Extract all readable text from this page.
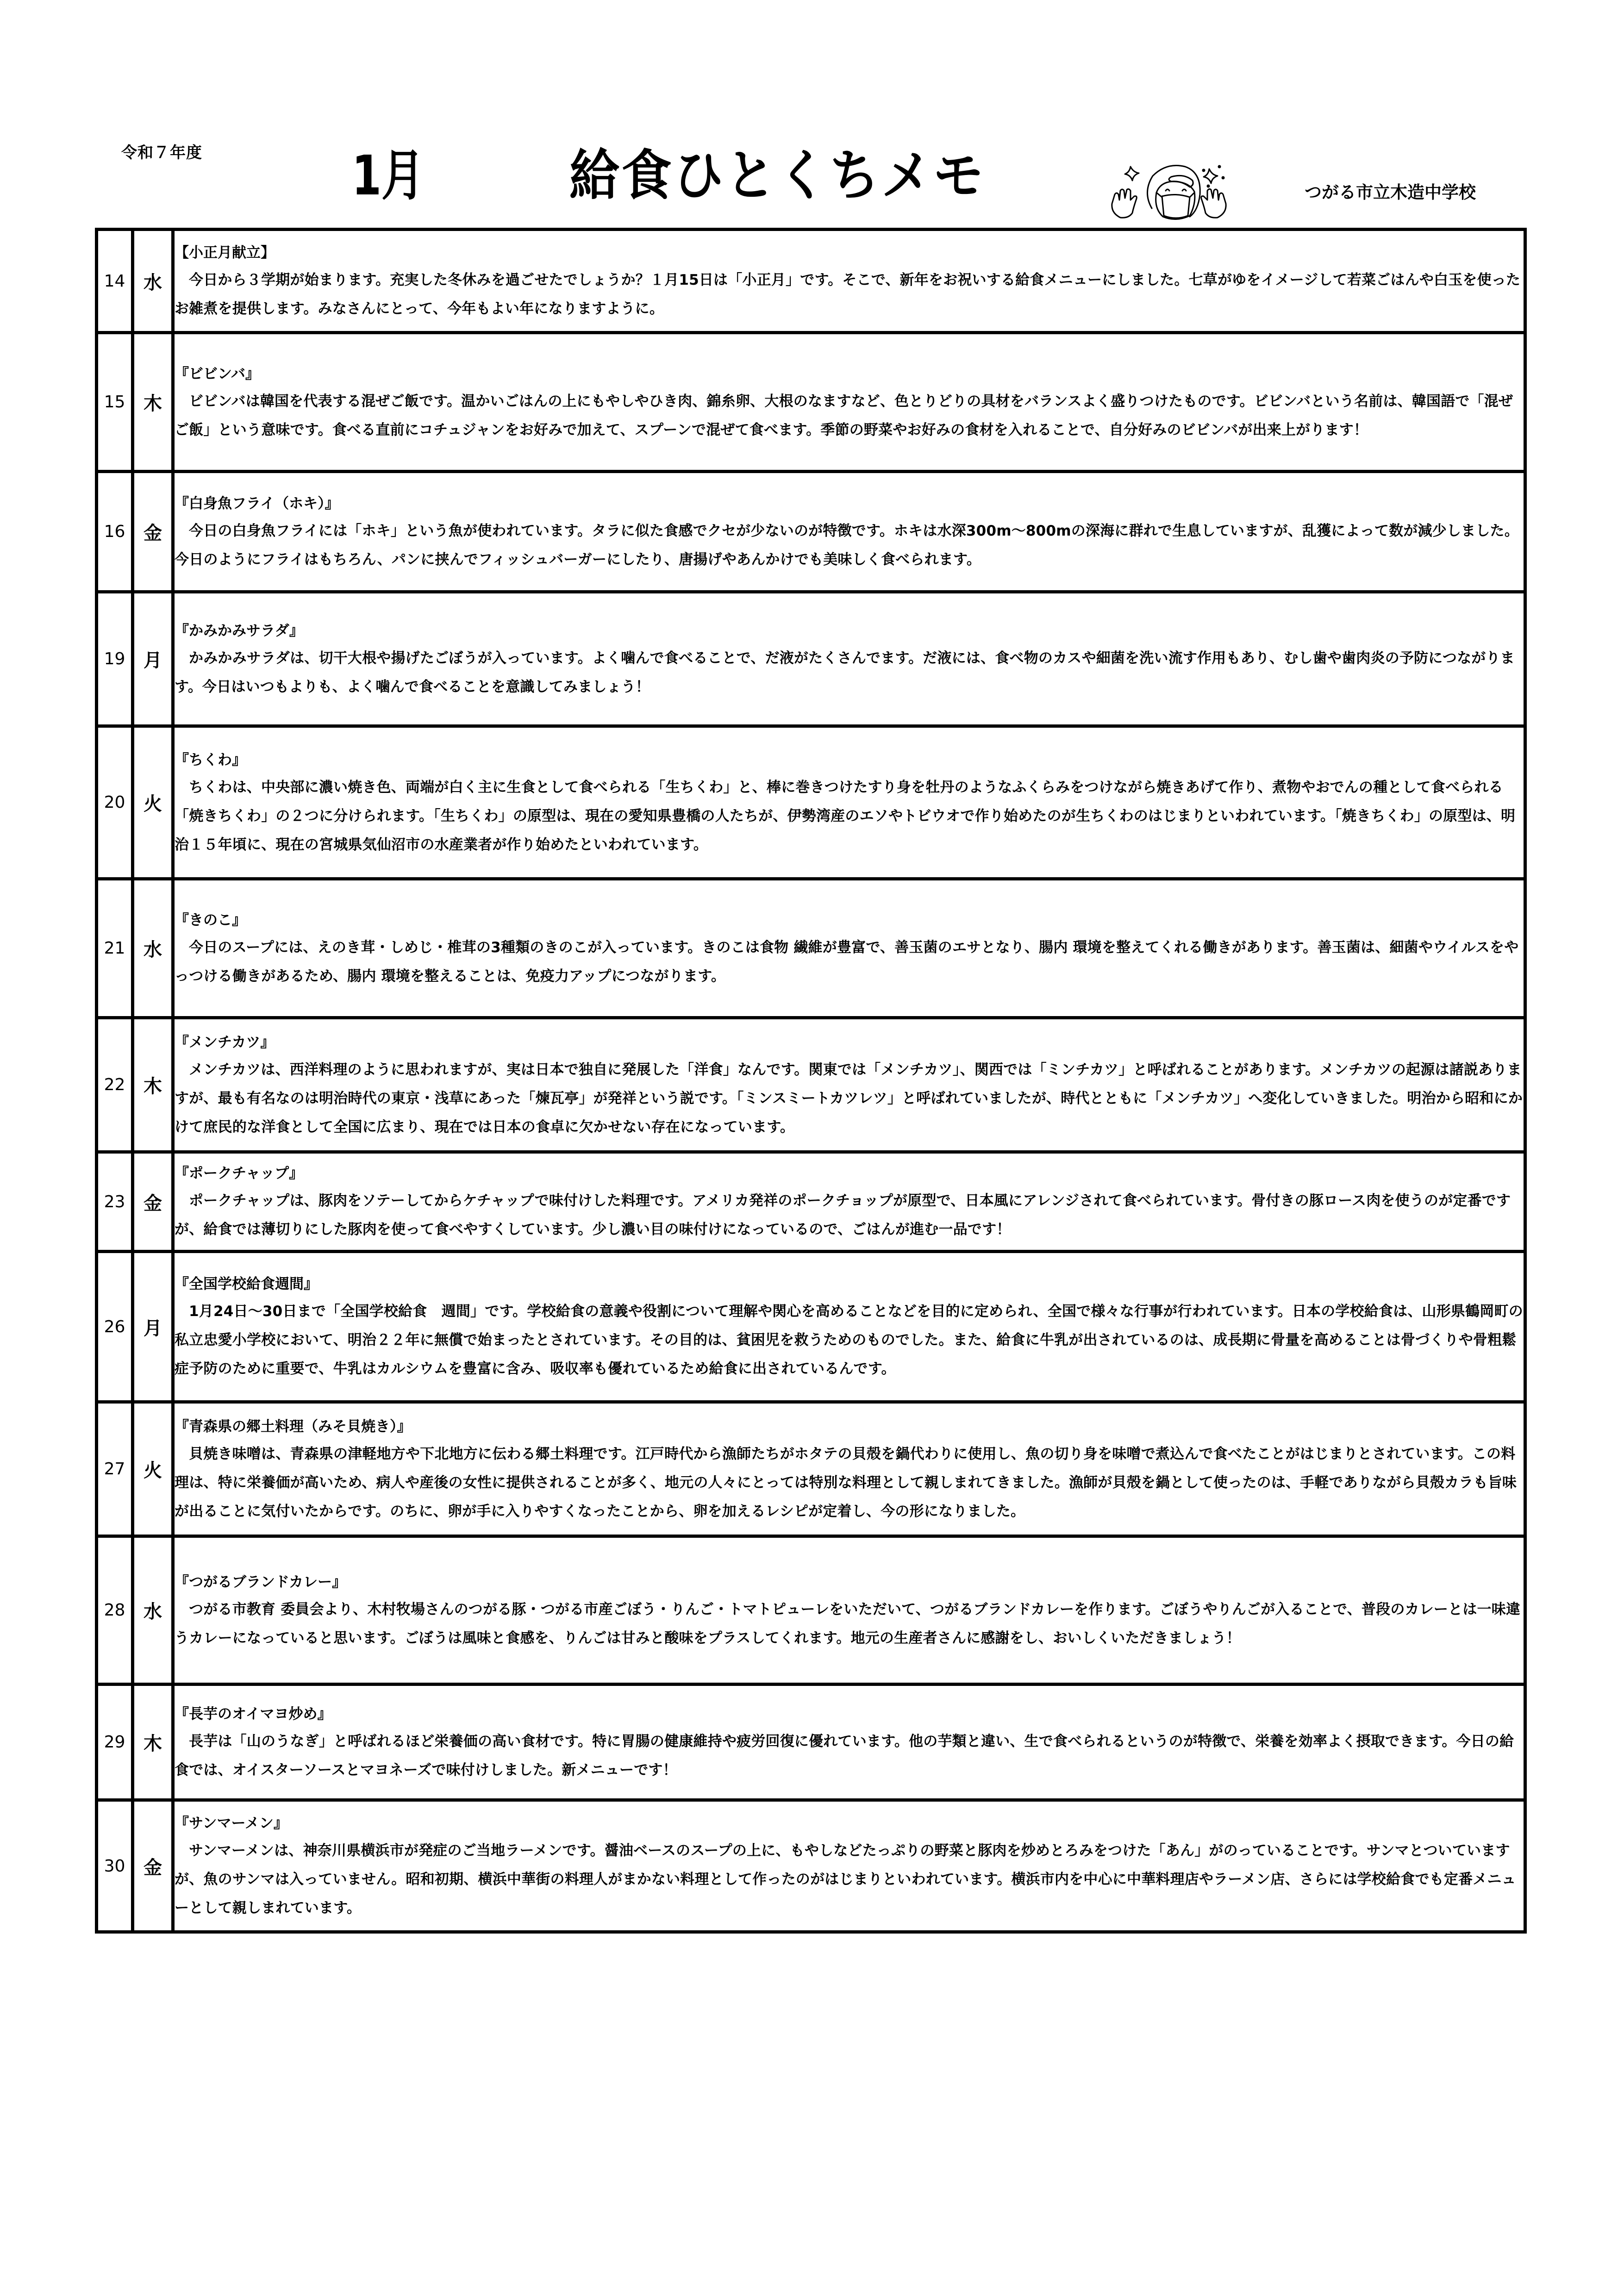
令和７年度	1月	給食ひとくちメモ	つがる市立木造中学校
14	水	【小正月献立】
今日から３学期が始まります。充実した冬休みを過ごせたでしょうか？１月15日は「小正月」です。そこで、新年をお祝いする給食メニューにしました。七草がゆをイメージして若菜ごはんや白玉を使ったお雑煮を提供します。みなさんにとって、今年もよい年になりますように。

15	木	『ビビンバ』
ビビンバは韓国を代表する混ぜご飯です。温かいごはんの上にもやしやひき肉、錦糸卵、大根のなますなど、色とりどりの具材をバランスよく盛りつけたものです。ビビンバという名前は、韓国語で「混ぜご飯」という意味です。食べる直前にコチュジャンをお好みで加えて、スプーンで混ぜて食べます。季節の野菜やお好みの食材を入れることで、自分好みのビビンバが出来上がります！

16	金	『白身魚フライ（ホキ）』
今日の白身魚フライには「ホキ」という魚が使われています。タラに似た食感でクセが少ないのが特徴です。ホキは水深300m～800mの深海に群れで生息していますが、乱獲によって数が減少しました。今日のようにフライはもちろん、パンに挟んでフィッシュバーガーにしたり、唐揚げやあんかけでも美味しく食べられます。

19	月	『かみかみサラダ』
かみかみサラダは、切干大根や揚げたごぼうが入っています。よく噛んで食べることで、だ液がたくさんでます。だ液には、食べ物のカスや細菌を洗い流す作用もあり、むし歯や歯肉炎の予防につながります。今日はいつもよりも、よく噛んで食べることを意識してみましょう！

20	火	『ちくわ』
ちくわは、中央部に濃い焼き色、両端が白く主に生食として食べられる「生ちくわ」と、棒に巻きつけたすり身を牡丹のようなふくらみをつけながら焼きあげて作り、煮物やおでんの種として食べられる「焼きちくわ」の２つに分けられます。「生ちくわ」の原型は、現在の愛知県豊橋の人たちが、伊勢湾産のエソやトビウオで作り始めたのが生ちくわのはじまりといわれています。「焼きちくわ」の原型は、明治１５年頃に、現在の宮城県気仙沼市の水産業者が作り始めたといわれています。

21	水	『きのこ』
今日のスープには、えのき茸・しめじ・椎茸の3種類のきのこが入っています。きのこは食物 繊維が豊富で、善玉菌のエサとなり、腸内 環境を整えてくれる働きがあります。善玉菌は、細菌やウイルスをやっつける働きがあるため、腸内 環境を整えることは、免疫力アップにつながります。

22	木	『メンチカツ』
メンチカツは、西洋料理のように思われますが、実は日本で独自に発展した「洋食」なんです。関東では「メンチカツ」、関西では「ミンチカツ」と呼ばれることがあります。メンチカツの起源は諸説ありますが、最も有名なのは明治時代の東京・浅草にあった「煉瓦亭」が発祥という説です。「ミンスミートカツレツ」と呼ばれていましたが、時代とともに「メンチカツ」へ変化していきました。明治から昭和にかけて庶民的な洋食として全国に広まり、現在では日本の食卓に欠かせない存在になっています。

23	金	『ポークチャップ』
ポークチャップは、豚肉をソテーしてからケチャップで味付けした料理です。アメリカ発祥のポークチョップが原型で、日本風にアレンジされて食べられています。骨付きの豚ロース肉を使うのが定番ですが、給食では薄切りにした豚肉を使って食べやすくしています。少し濃い目の味付けになっているので、ごはんが進む一品です！

26	月	『全国学校給食週間』
1月24日～30日まで「全国学校給食　週間」です。学校給食の意義や役割について理解や関心を高めることなどを目的に定められ、全国で様々な行事が行われています。日本の学校給食は、山形県鶴岡町の私立忠愛小学校において、明治２２年に無償で始まったとされています。その目的は、貧困児を救うためのものでした。また、給食に牛乳が出されているのは、成長期に骨量を高めることは骨づくりや骨粗鬆症予防のために重要で、牛乳はカルシウムを豊富に含み、吸収率も優れているため給食に出されているんです。

27	火	『青森県の郷土料理（みそ貝焼き）』
貝焼き味噌は、青森県の津軽地方や下北地方に伝わる郷土料理です。江戸時代から漁師たちがホタテの貝殻を鍋代わりに使用し、魚の切り身を味噌で煮込んで食べたことがはじまりとされています。この料理は、特に栄養価が高いため、病人や産後の女性に提供されることが多く、地元の人々にとっては特別な料理として親しまれてきました。漁師が貝殻を鍋として使ったのは、手軽でありながら貝殻カラも旨味が出ることに気付いたからです。のちに、卵が手に入りやすくなったことから、卵を加えるレシピが定着し、今の形になりました。

28	水	『つがるブランドカレー』
つがる市教育 委員会より、木村牧場さんのつがる豚・つがる市産ごぼう・りんご・トマトピューレをいただいて、つがるブランドカレーを作ります。ごぼうやりんごが入ることで、普段のカレーとは一味違うカレーになっていると思います。ごぼうは風味と食感を、りんごは甘みと酸味をプラスしてくれます。地元の生産者さんに感謝をし、おいしくいただきましょう！

29	木	『長芋のオイマヨ炒め』
長芋は「山のうなぎ」と呼ばれるほど栄養価の高い食材です。特に胃腸の健康維持や疲労回復に優れています。他の芋類と違い、生で食べられるというのが特徴で、栄養を効率よく摂取できます。今日の給食では、オイスターソースとマヨネーズで味付けしました。新メニューです！

30	金	『サンマーメン』
サンマーメンは、神奈川県横浜市が発症のご当地ラーメンです。醤油ベースのスープの上に、もやしなどたっぷりの野菜と豚肉を炒めとろみをつけた「あん」がのっていることです。サンマとついていますが、魚のサンマは入っていません。昭和初期、横浜中華街の料理人がまかない料理として作ったのがはじまりといわれています。横浜市内を中心に中華料理店やラーメン店、さらには学校給食でも定番メニューとして親しまれています。
